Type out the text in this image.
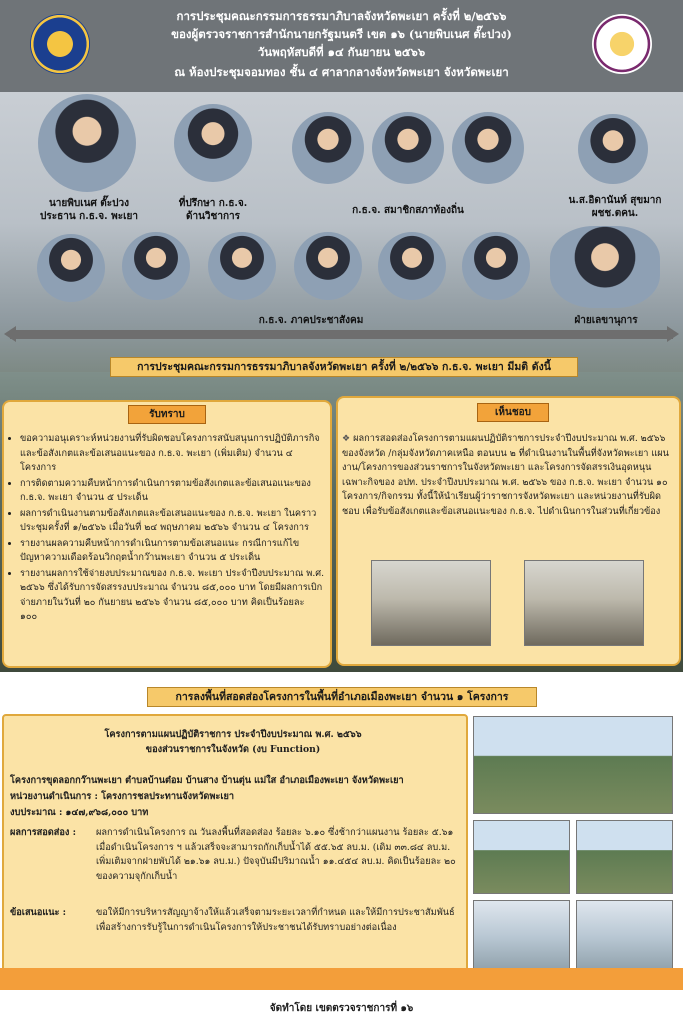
การประชุมคณะกรรมการธรรมาภิบาลจังหวัดพะเยา ครั้งที่ ๒/๒๕๖๖
ของผู้ตรวจราชการสำนักนายกรัฐมนตรี เขต ๑๖ (นายพิบเนศ ตั๊ะปวง)
วันพฤหัสบดีที่ ๑๔ กันยายน ๒๕๖๖
ณ ห้องประชุมจอมทอง ชั้น ๔ ศาลากลางจังหวัดพะเยา จังหวัดพะเยา
นายพิบเนศ ตั๊ะปวง
ประธาน ก.ธ.จ. พะเยา
ที่ปรึกษา ก.ธ.จ.
ด้านวิชาการ
ก.ธ.จ. สมาชิกสภาท้องถิ่น
น.ส.อิดานันท์ สุขมาก
ผชช.ตคน.
ก.ธ.จ. ภาคประชาสังคม	ฝ่ายเลขานุการ
การประชุมคณะกรรมการธรรมาภิบาลจังหวัดพะเยา ครั้งที่ ๒/๒๕๖๖ ก.ธ.จ. พะเยา มีมติ ดังนี้
รับทราบ
• ขอความอนุเคราะห์หน่วยงานที่รับผิดชอบโครงการสนับสนุนการปฏิบัติภารกิจ และข้อสังเกตและข้อเสนอแนะของ ก.ธ.จ. พะเยา (เพิ่มเติม) จำนวน ๔ โครงการ
• การติดตามความคืบหน้าการดำเนินการตามข้อสังเกตและข้อเสนอแนะของ ก.ธ.จ. พะเยา จำนวน ๕ ประเด็น
• ผลการดำเนินงานตามข้อสังเกตและข้อเสนอแนะของ ก.ธ.จ. พะเยา ในคราวประชุมครั้งที่ ๑/๒๕๖๖ เมื่อวันที่ ๒๔ พฤษภาคม ๒๕๖๖ จำนวน ๔ โครงการ
• รายงานผลความคืบหน้าการดำเนินการตามข้อเสนอแนะ กรณีการแก้ไขปัญหาความเดือดร้อนวิกฤตน้ำกว๊านพะเยา จำนวน ๕ ประเด็น
• รายงานผลการใช้จ่ายงบประมาณของ ก.ธ.จ. พะเยา ประจำปีงบประมาณ พ.ศ. ๒๕๖๖ ซึ่งได้รับการจัดสรรงบประมาณ จำนวน ๘๕,๐๐๐ บาท โดยมีผลการเบิกจ่ายภายในวันที่ ๒๐ กันยายน ๒๕๖๖ จำนวน ๘๕,๐๐๐ บาท คิดเป็นร้อยละ ๑๐๐
เห็นชอบ
❖ ผลการสอดส่องโครงการตามแผนปฏิบัติราชการประจำปีงบประมาณ พ.ศ. ๒๕๖๖ ของจังหวัด /กลุ่มจังหวัดภาคเหนือ ตอนบน ๒ ที่ดำเนินงานในพื้นที่จังหวัดพะเยา แผนงาน/โครงการของส่วนราชการในจังหวัดพะเยา และโครงการจัดสรรเงินอุดหนุนเฉพาะกิจของ อปท. ประจำปีงบประมาณ พ.ศ. ๒๕๖๖ ของ ก.ธ.จ. พะเยา จำนวน ๑๐ โครงการ/กิจกรรม ทั้งนี้ให้นำเรียนผู้ว่าราชการจังหวัดพะเยา และหน่วยงานที่รับผิดชอบ เพื่อรับข้อสังเกตและข้อเสนอแนะของ ก.ธ.จ. ไปดำเนินการในส่วนที่เกี่ยวข้อง
การลงพื้นที่สอดส่องโครงการในพื้นที่อำเภอเมืองพะเยา จำนวน ๑ โครงการ
โครงการตามแผนปฏิบัติราชการ ประจำปีงบประมาณ พ.ศ. ๒๕๖๖
ของส่วนราชการในจังหวัด (งบ Function)
โครงการขุดลอกกว๊านพะเยา ตำบลบ้านต๋อม บ้านสาง บ้านตุ่น แม่ใส อำเภอเมืองพะเยา จังหวัดพะเยา
หน่วยงานดำเนินการ : โครงการชลประทานจังหวัดพะเยา
งบประมาณ : ๑๔๗,๙๖๘,๐๐๐ บาท
ผลการสอดส่อง :	ผลการดำเนินโครงการ ณ วันลงพื้นที่สอดส่อง ร้อยละ ๖.๑๐ ซึ่งช้ากว่าแผนงาน ร้อยละ ๕.๖๑ เมื่อดำเนินโครงการ ฯ แล้วเสร็จจะสามารถกักเก็บน้ำได้ ๕๕.๖๕ ลบ.ม. (เดิม ๓๓.๘๔ ลบ.ม. เพิ่มเติมจากฝายพับได้ ๒๑.๖๑ ลบ.ม.) ปัจจุบันมีปริมาณน้ำ ๑๑.๔๕๔ ลบ.ม. คิดเป็นร้อยละ ๒๐ ของความจุกักเก็บน้ำ
ข้อเสนอแนะ :	ขอให้มีการบริหารสัญญาจ้างให้แล้วเสร็จตามระยะเวลาที่กำหนด และให้มีการประชาสัมพันธ์เพื่อสร้างการรับรู้ในการดำเนินโครงการให้ประชาชนได้รับทราบอย่างต่อเนื่อง
จัดทำโดย เขตตรวจราชการที่ ๑๖
